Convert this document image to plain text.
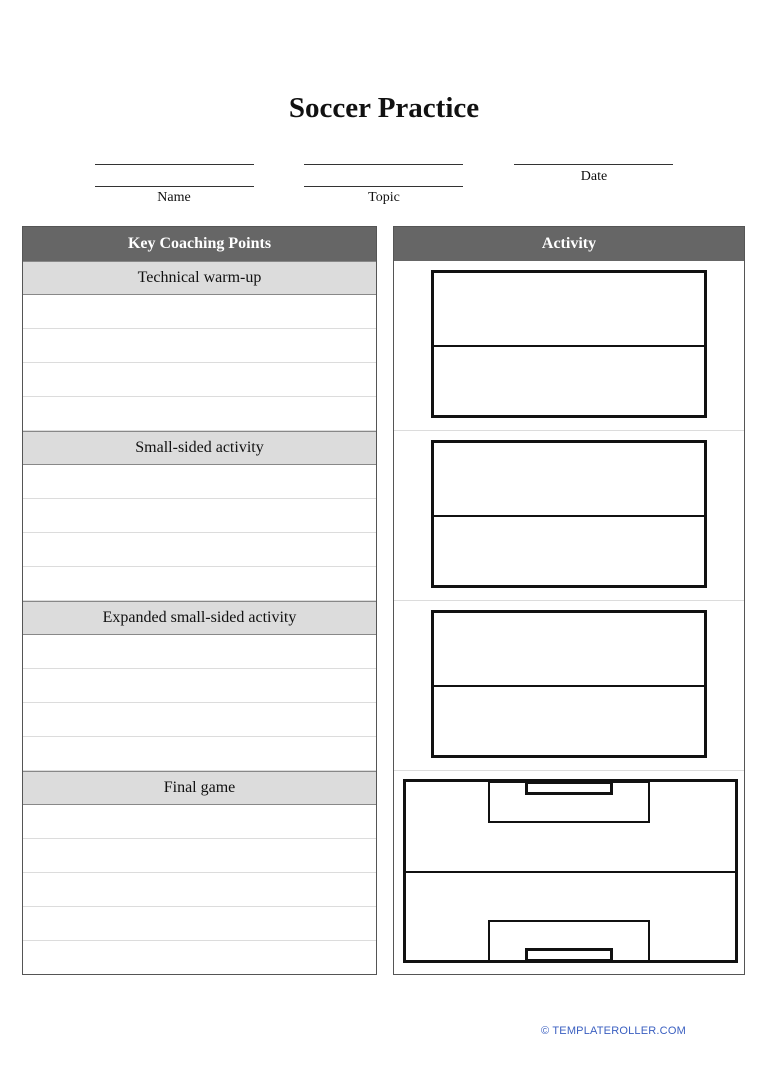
Soccer Practice
Name	Topic
Date
Key Coaching Points
Technical warm-up
Small-sided activity
Expanded small-sided activity
Final game
Activity
© TEMPLATEROLLER.COM
